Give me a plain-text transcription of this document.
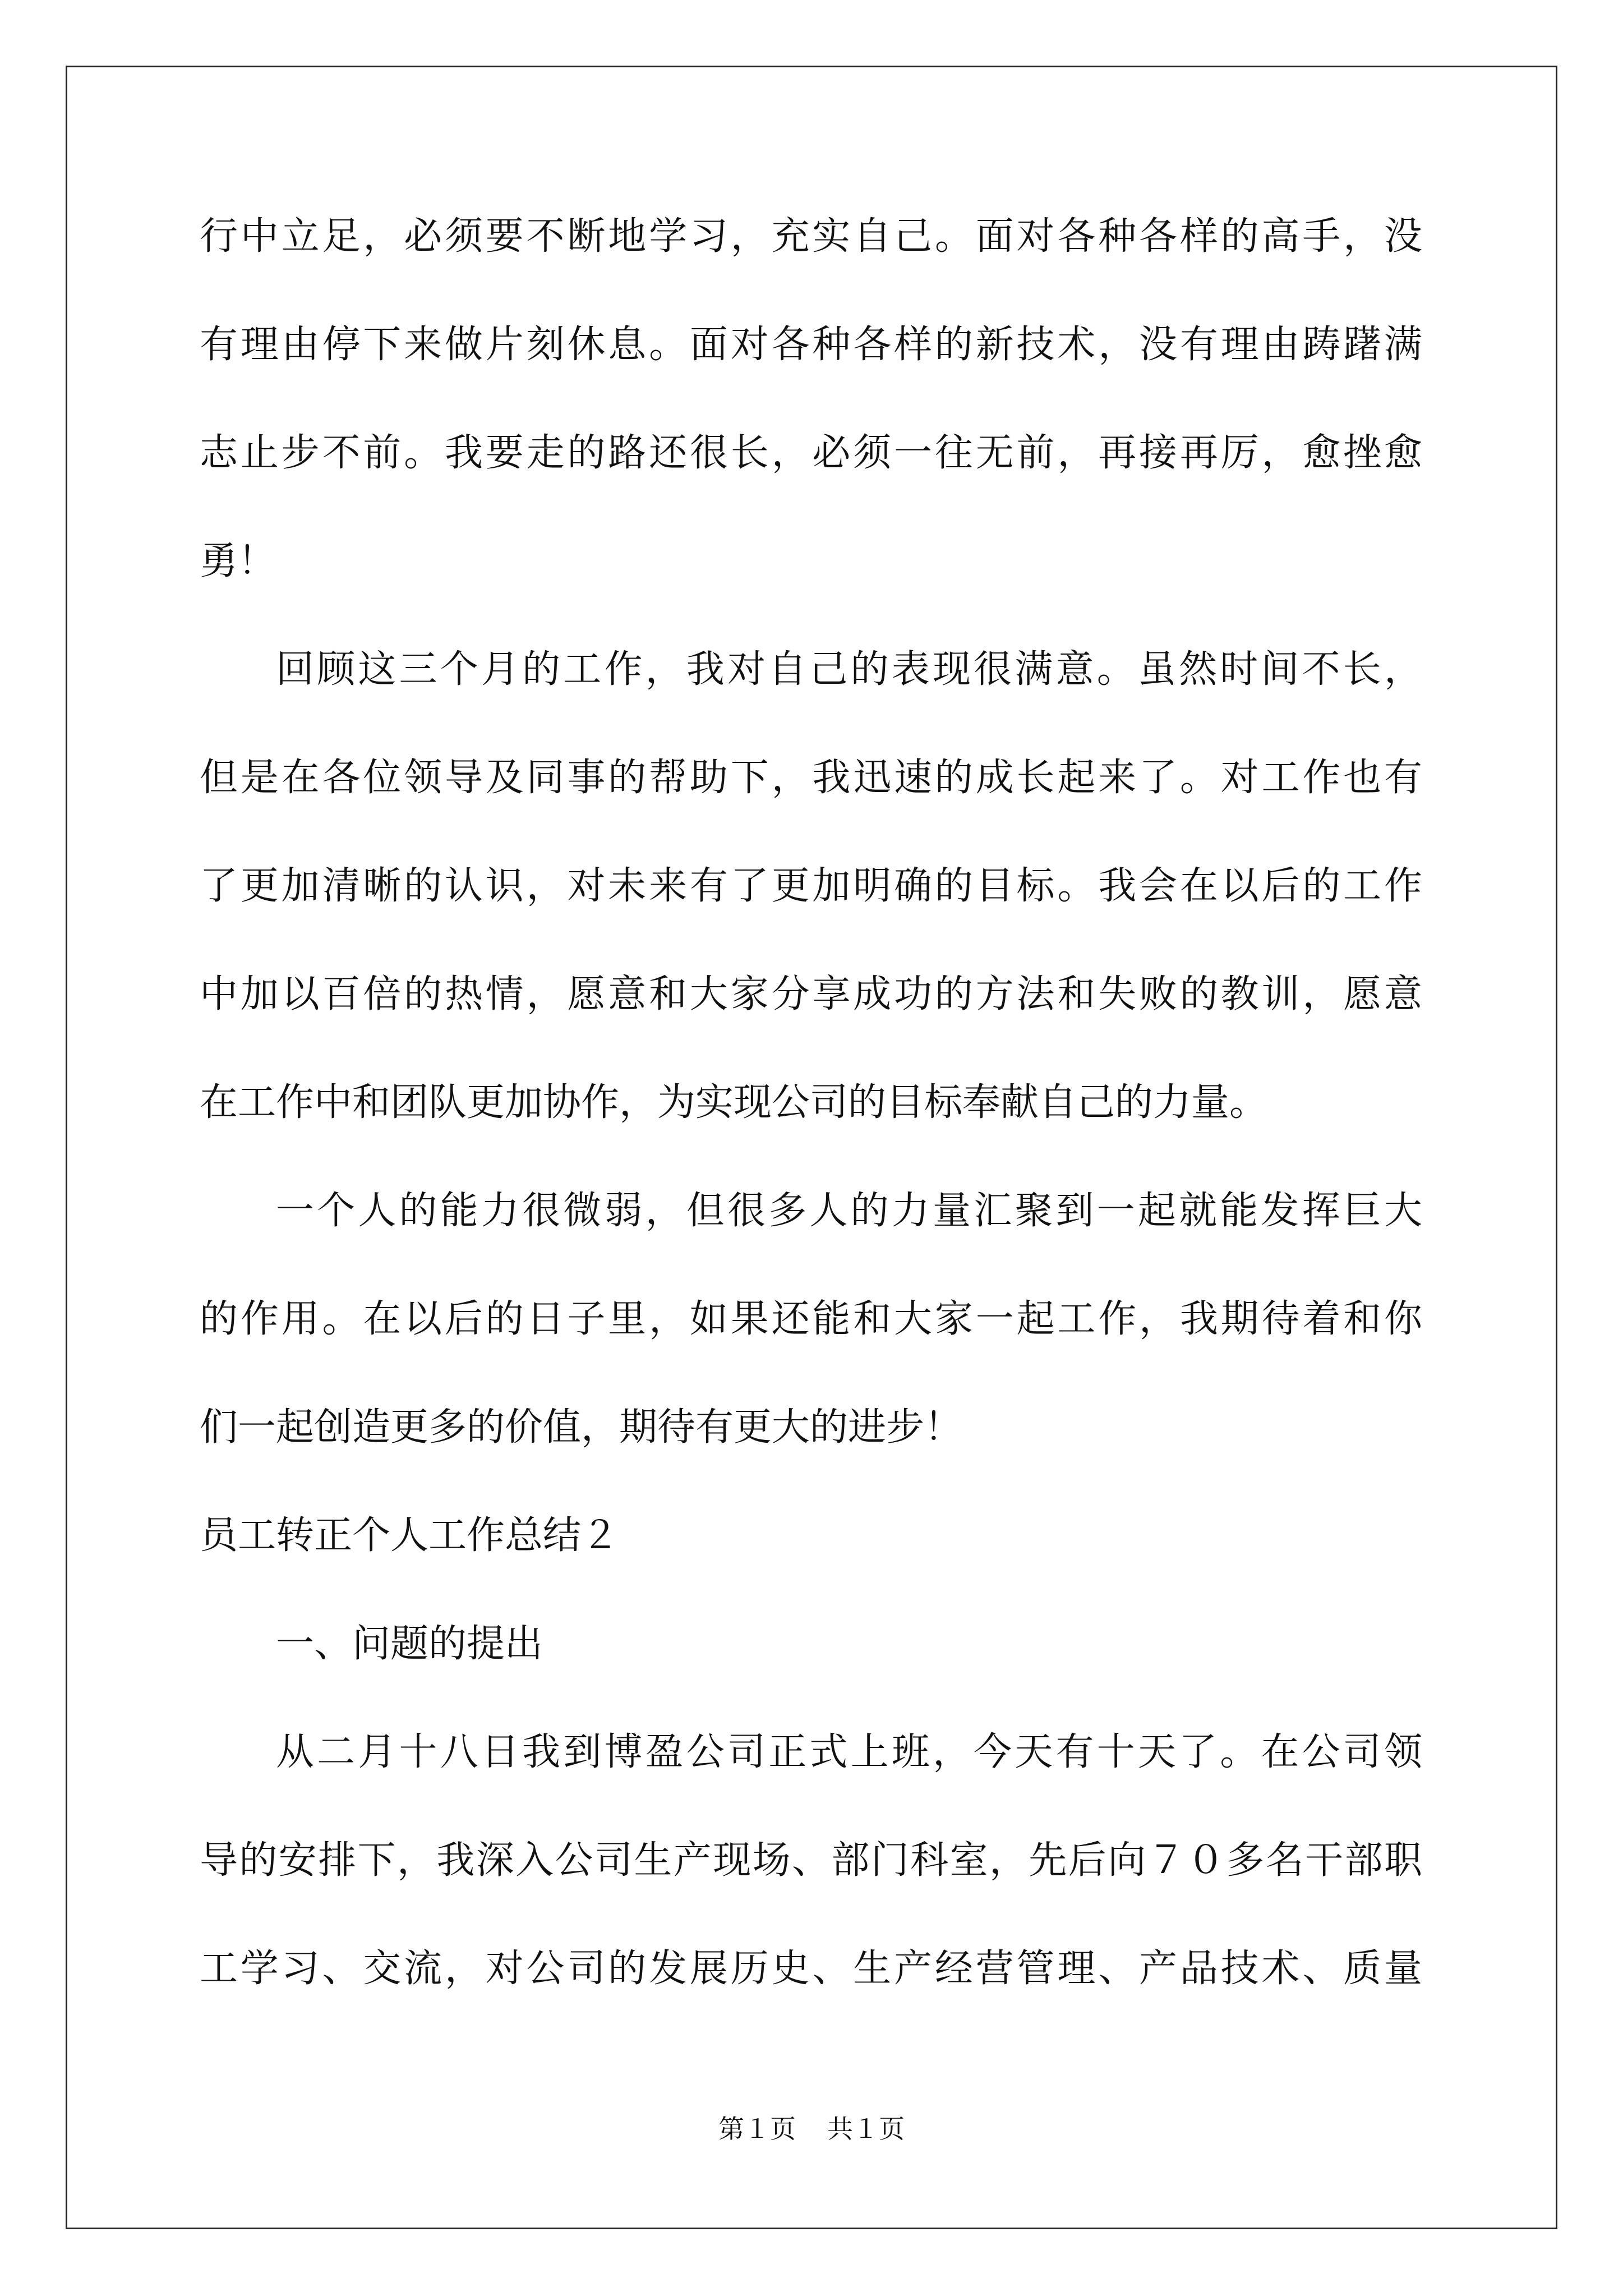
行中立足，必须要不断地学习，充实自己。面对各种各样的高手，没

有理由停下来做片刻休息。面对各种各样的新技术，没有理由踌躇满

志止步不前。我要走的路还很长，必须一往无前，再接再厉，愈挫愈

勇！

回顾这三个月的工作，我对自己的表现很满意。虽然时间不长，

但是在各位领导及同事的帮助下，我迅速的成长起来了。对工作也有

了更加清晰的认识，对未来有了更加明确的目标。我会在以后的工作

中加以百倍的热情，愿意和大家分享成功的方法和失败的教训，愿意

在工作中和团队更加协作，为实现公司的目标奉献自己的力量。

一个人的能力很微弱，但很多人的力量汇聚到一起就能发挥巨大

的作用。在以后的日子里，如果还能和大家一起工作，我期待着和你

们一起创造更多的价值，期待有更大的进步！

员工转正个人工作总结２

一、问题的提出

从二月十八日我到博盈公司正式上班，今天有十天了。在公司领

导的安排下，我深入公司生产现场、部门科室，先后向７０多名干部职

工学习、交流，对公司的发展历史、生产经营管理、产品技术、质量

第１页 共１页
